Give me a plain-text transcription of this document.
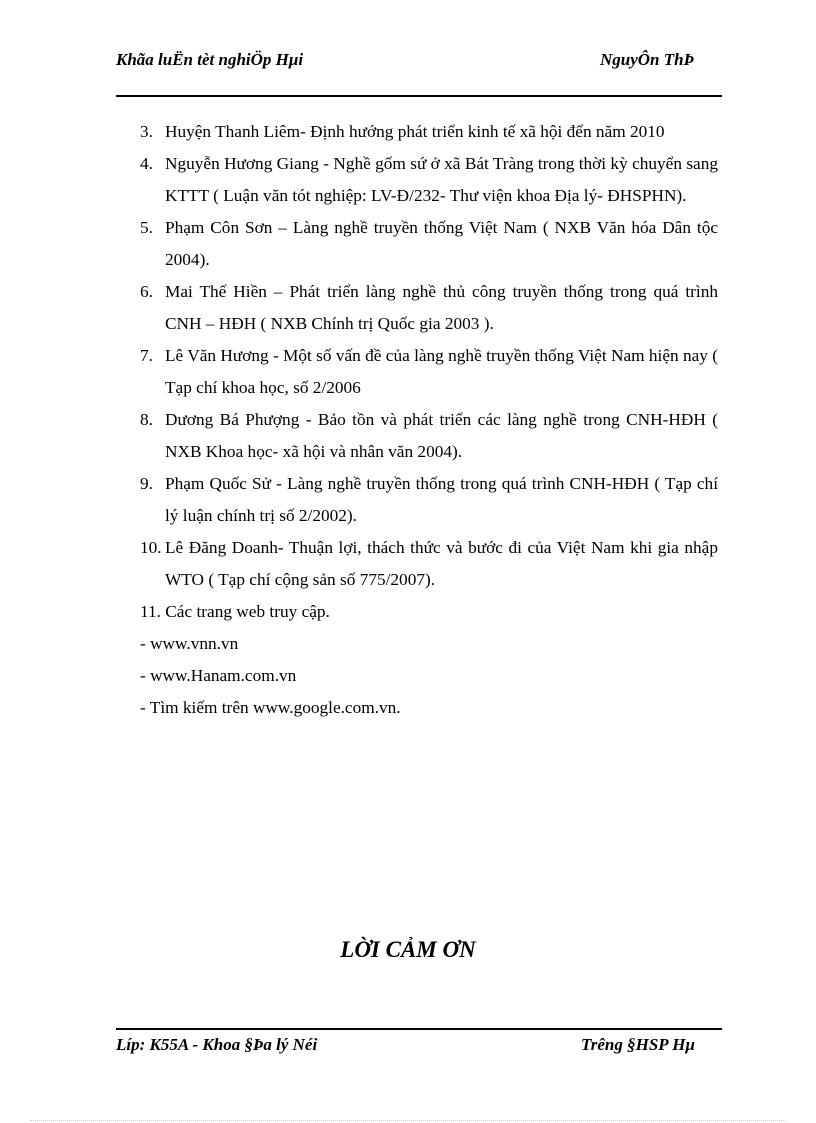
Khãa luËn tèt nghiÖp Hμi	NguyÔn ThÞ
3. Huyện Thanh Liêm- Định hướng phát triển kinh tế xã hội đến năm 2010
4. Nguyễn Hương Giang - Nghề gốm sứ ở xã Bát Tràng trong thời kỳ chuyển sang KTTT ( Luận văn tót nghiệp: LV-Đ/232- Thư viện khoa Địa lý- ĐHSPHN).
5. Phạm Côn Sơn – Làng nghề truyền thống Việt Nam ( NXB Văn hóa Dân tộc 2004).
6. Mai Thế Hiền – Phát triển làng nghề thủ công truyền thống trong quá trình CNH – HĐH ( NXB Chính trị Quốc gia 2003 ).
7. Lê Văn Hương - Một số vấn đề của làng nghề truyền thống Việt Nam hiện nay ( Tạp chí khoa học, số 2/2006
8. Dương Bá Phượng - Bảo tồn và phát triển các làng nghề trong CNH-HĐH ( NXB Khoa học- xã hội và nhân văn 2004).
9. Phạm Quốc Sử - Làng nghề truyền thống trong quá trình CNH-HĐH ( Tạp chí lý luận chính trị số 2/2002).
10. Lê Đăng Doanh- Thuận lợi, thách thức và bước đi của Việt Nam khi gia nhập WTO ( Tạp chí cộng sản số 775/2007).
11. Các trang web truy cập.
- www.vnn.vn
- www.Hanam.com.vn
- Tìm kiếm trên www.google.com.vn.
LỜI CẢM ƠN
Líp: K55A - Khoa §Þa lý Néi	Trêng §HSP Hμ
